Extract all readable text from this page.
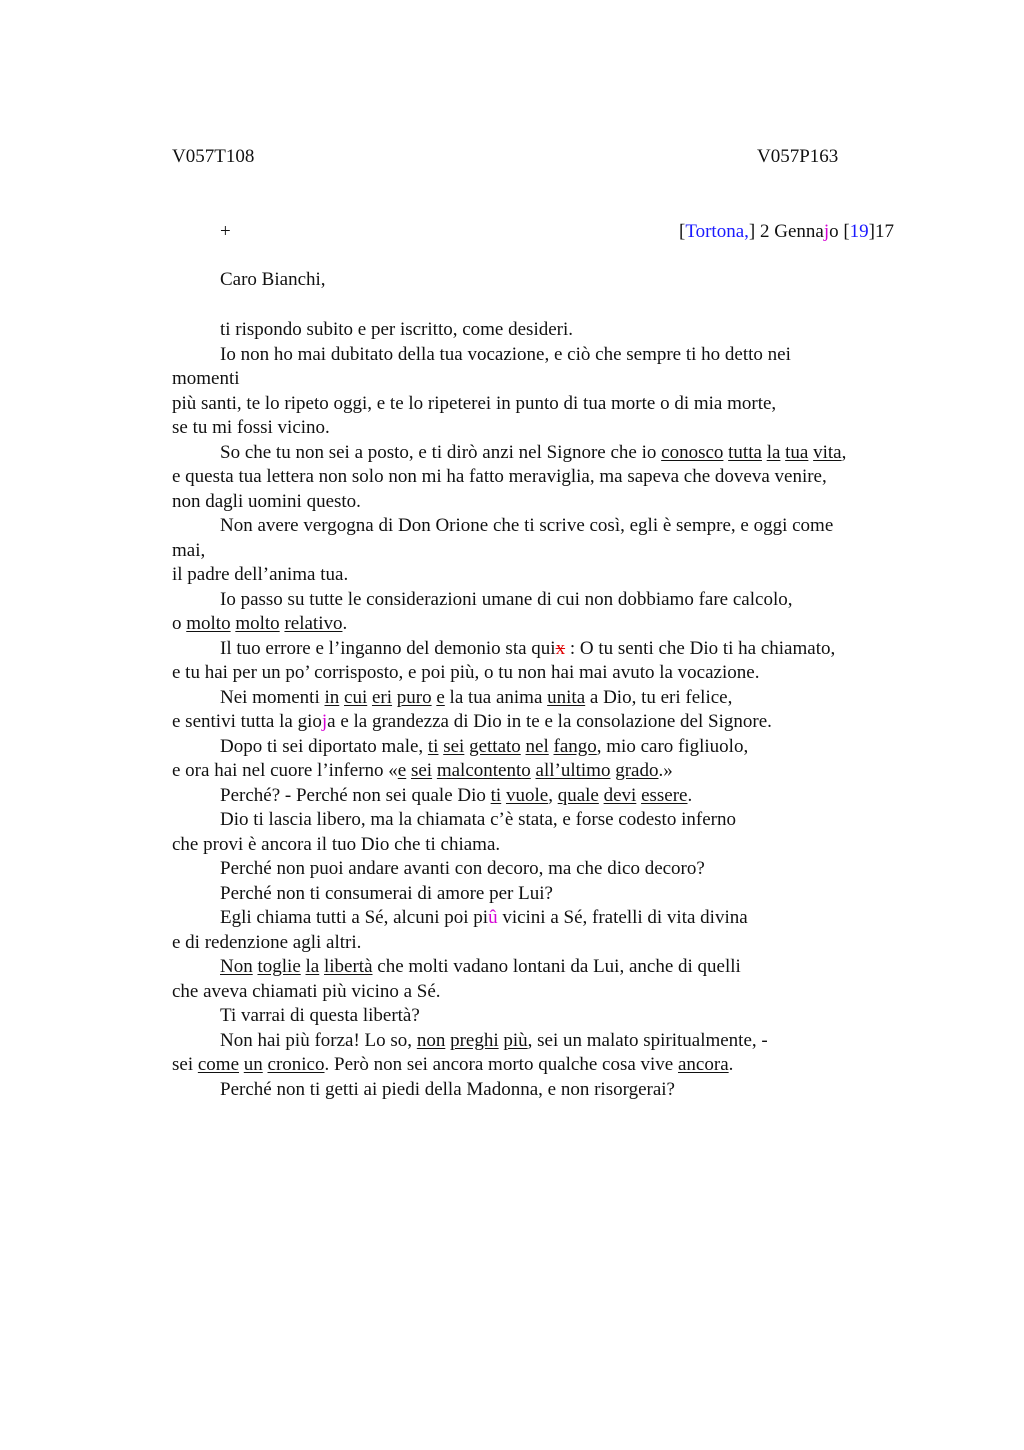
V057T108	V057P163
+	[Tortona,] 2 Gennajo [19]17
Caro Bianchi,
ti rispondo subito e per iscritto, come desideri.
Io non ho mai dubitato della tua vocazione, e ciò che sempre ti ho detto nei
momenti
più santi, te lo ripeto oggi, e te lo ripeterei in punto di tua morte o di mia morte,
se tu mi fossi vicino.
So che tu non sei a posto, e ti dirò anzi nel Signore che io conosco tutta la tua vita,
e questa tua lettera non solo non mi ha fatto meraviglia, ma sapeva che doveva venire,
non dagli uomini questo.
Non avere vergogna di Don Orione che ti scrive così, egli è sempre, e oggi come
mai,
il padre dell’anima tua.
Io passo su tutte le considerazioni umane di cui non dobbiamo fare calcolo,
o molto molto relativo.
Il tuo errore e l’inganno del demonio sta quix : O tu senti che Dio ti ha chiamato,
e tu hai per un po’ corrisposto, e poi più, o tu non hai mai avuto la vocazione.
Nei momenti in cui eri puro e la tua anima unita a Dio, tu eri felice,
e sentivi tutta la gioja e la grandezza di Dio in te e la consolazione del Signore.
Dopo ti sei diportato male, ti sei gettato nel fango, mio caro figliuolo,
e ora hai nel cuore l’inferno «e sei malcontento all’ultimo grado.»
Perché? - Perché non sei quale Dio ti vuole, quale devi essere.
Dio ti lascia libero, ma la chiamata c’è stata, e forse codesto inferno
che provi è ancora il tuo Dio che ti chiama.
Perché non puoi andare avanti con decoro, ma che dico decoro?
Perché non ti consumerai di amore per Lui?
Egli chiama tutti a Sé, alcuni poi piû vicini a Sé, fratelli di vita divina
e di redenzione agli altri.
Non toglie la libertà che molti vadano lontani da Lui, anche di quelli
che aveva chiamati più vicino a Sé.
Ti varrai di questa libertà?
Non hai più forza! Lo so, non preghi più, sei un malato spiritualmente, -
sei come un cronico. Però non sei ancora morto qualche cosa vive ancora.
Perché non ti getti ai piedi della Madonna, e non risorgerai?
